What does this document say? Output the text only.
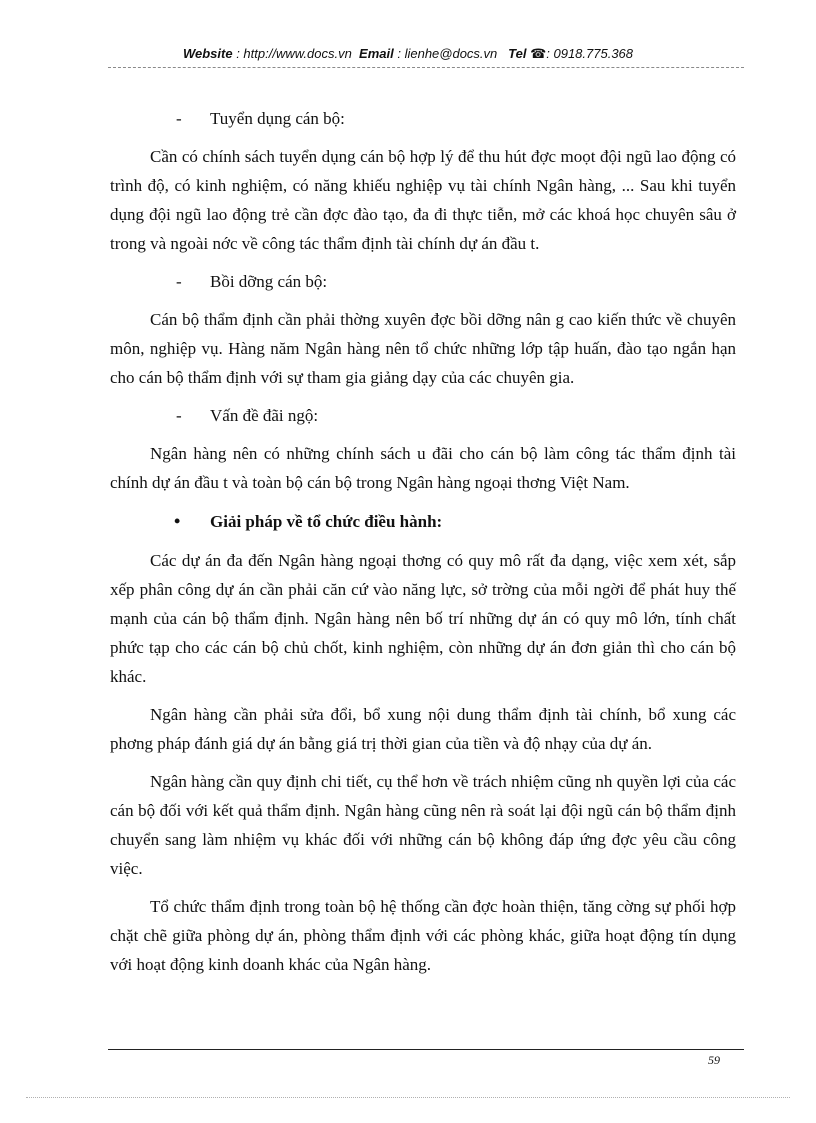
Website : http://www.docs.vn Email : lienhe@docs.vn Tel ☎: 0918.775.368
- Tuyển dụng cán bộ:

Cần có chính sách tuyển dụng cán bộ hợp lý để thu hút đợc moọt đội ngũ lao động có trình độ, có kinh nghiệm, có năng khiếu nghiệp vụ tài chính Ngân hàng, ... Sau khi tuyển dụng đội ngũ lao động trẻ cần đợc đào tạo, đa đi thực tiễn, mở các khoá học chuyên sâu ở trong và ngoài nớc về công tác thẩm định tài chính dự án đầu t.

- Bồi dỡng cán bộ:

Cán bộ thẩm định cần phải thờng xuyên đợc bồi dỡng nân g cao kiến thức về chuyên môn, nghiệp vụ. Hàng năm Ngân hàng nên tổ chức những lớp tập huấn, đào tạo ngắn hạn cho cán bộ thẩm định với sự tham gia giảng dạy của các chuyên gia.

- Vấn đề đãi ngộ:

Ngân hàng nên có những chính sách u đãi cho cán bộ làm công tác thẩm định tài chính dự án đầu t và toàn bộ cán bộ trong Ngân hàng ngoại thơng Việt Nam.

• Giải pháp về tổ chức điều hành:

Các dự án đa đến Ngân hàng ngoại thơng có quy mô rất đa dạng, việc xem xét, sắp xếp phân công dự án cần phải căn cứ vào năng lực, sở trờng của mỗi ngời để phát huy thế mạnh của cán bộ thẩm định. Ngân hàng nên bố trí những dự án có quy mô lớn, tính chất phức tạp cho các cán bộ chủ chốt, kinh nghiệm, còn những dự án đơn giản thì cho cán bộ khác.

Ngân hàng cần phải sửa đổi, bổ xung nội dung thẩm định tài chính, bổ xung các phơng pháp đánh giá dự án bằng giá trị thời gian của tiền và độ nhạy của dự án.

Ngân hàng cần quy định chi tiết, cụ thể hơn về trách nhiệm cũng nh quyền lợi của các cán bộ đối với kết quả thẩm định. Ngân hàng cũng nên rà soát lại đội ngũ cán bộ thẩm định chuyển sang làm nhiệm vụ khác đối với những cán bộ không đáp ứng đợc yêu cầu công việc.

Tổ chức thẩm định trong toàn bộ hệ thống cần đợc hoàn thiện, tăng cờng sự phối hợp chặt chẽ giữa phòng dự án, phòng thẩm định với các phòng khác, giữa hoạt động tín dụng với hoạt động kinh doanh khác của Ngân hàng.

59
